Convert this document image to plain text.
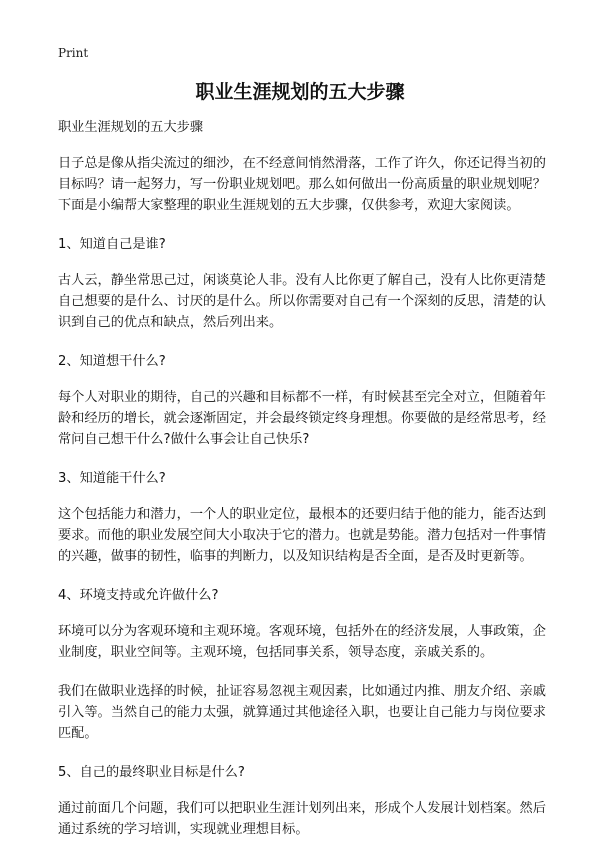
Print
职业生涯规划的五大步骤

职业生涯规划的五大步骤

日子总是像从指尖流过的细沙，在不经意间悄然滑落，工作了许久，你还记得当初的目标吗？请一起努力，写一份职业规划吧。那么如何做出一份高质量的职业规划呢？下面是小编帮大家整理的职业生涯规划的五大步骤，仅供参考，欢迎大家阅读。

1、知道自己是谁?

古人云，静坐常思己过，闲谈莫论人非。没有人比你更了解自己，没有人比你更清楚自己想要的是什么、讨厌的是什么。所以你需要对自己有一个深刻的反思，清楚的认识到自己的优点和缺点，然后列出来。

2、知道想干什么?

每个人对职业的期待，自己的兴趣和目标都不一样，有时候甚至完全对立，但随着年龄和经历的增长，就会逐渐固定，并会最终锁定终身理想。你要做的是经常思考，经常问自己想干什么?做什么事会让自己快乐?

3、知道能干什么?

这个包括能力和潜力，一个人的职业定位，最根本的还要归结于他的能力，能否达到要求。而他的职业发展空间大小取决于它的潜力。也就是势能。潜力包括对一件事情的兴趣，做事的韧性，临事的判断力，以及知识结构是否全面，是否及时更新等。

4、环境支持或允许做什么?

环境可以分为客观环境和主观环境。客观环境，包括外在的经济发展，人事政策，企业制度，职业空间等。主观环境，包括同事关系，领导态度，亲戚关系的。

我们在做职业选择的时候，扯证容易忽视主观因素，比如通过内推、朋友介绍、亲戚引入等。当然自己的能力太强，就算通过其他途径入职，也要让自己能力与岗位要求匹配。

5、自己的最终职业目标是什么?

通过前面几个问题，我们可以把职业生涯计划列出来，形成个人发展计划档案。然后通过系统的学习培训，实现就业理想目标。
